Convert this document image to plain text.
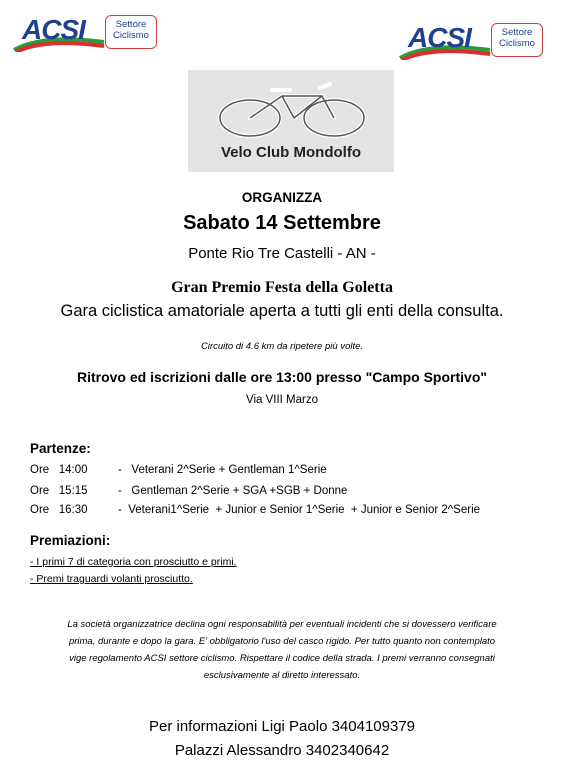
ACSI	Settore
Ciclismo	ACSI	Settore
Ciclismo
Velo Club Mondolfo
ORGANIZZA
Sabato 14 Settembre
Ponte Rio Tre Castelli - AN -
Gran Premio Festa della Goletta
Gara ciclistica amatoriale aperta a tutti gli enti della consulta.
Circuito di 4.6 km da ripetere più volte.
Ritrovo ed iscrizioni dalle ore 13:00 presso "Campo Sportivo"
Via VIII Marzo
Partenze:
Ore   14:00	-   Veterani 2^Serie + Gentleman 1^Serie
Ore   15:15	-   Gentleman 2^Serie + SGA +SGB + Donne
Ore   16:30	-  Veterani1^Serie  + Junior e Senior 1^Serie  + Junior e Senior 2^Serie
Premiazioni:
- I primi 7 di categoria con prosciutto e primi.
- Premi traguardi volanti prosciutto.
La società organizzatrice declina ogni responsabilità per eventuali incidenti che si dovessero verificare prima, durante e dopo la gara. E' obbligatorio l'uso del casco rigido. Per tutto quanto non contemplato vige regolamento ACSI settore ciclismo. Rispettare il codice della strada. I premi verranno consegnati esclusivamente al diretto interessato.
Per informazioni Ligi Paolo 3404109379
Palazzi Alessandro 3402340642
